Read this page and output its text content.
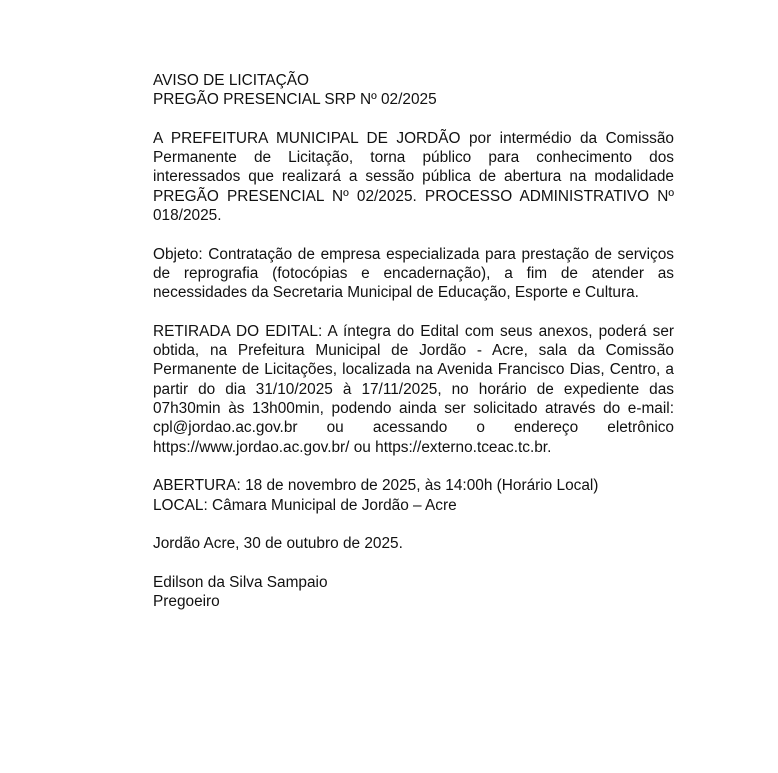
AVISO DE LICITAÇÃO
PREGÃO PRESENCIAL SRP Nº 02/2025

A PREFEITURA MUNICIPAL DE JORDÃO por intermédio da Comissão Permanente de Licitação, torna público para conhecimento dos interessados que realizará a sessão pública de abertura na modalidade PREGÃO PRESENCIAL Nº 02/2025. PROCESSO ADMINISTRATIVO Nº 018/2025.

Objeto: Contratação de empresa especializada para prestação de serviços de reprografia (fotocópias e encadernação), a fim de atender as necessidades da Secretaria Municipal de Educação, Esporte e Cultura.

RETIRADA DO EDITAL: A íntegra do Edital com seus anexos, poderá ser obtida, na Prefeitura Municipal de Jordão - Acre, sala da Comissão Permanente de Licitações, localizada na Avenida Francisco Dias, Centro, a partir do dia 31/10/2025 à 17/11/2025, no horário de expediente das 07h30min às 13h00min, podendo ainda ser solicitado através do e-mail: cpl@jordao.ac.gov.br ou acessando o endereço eletrônico https://www.jordao.ac.gov.br/ ou https://externo.tceac.tc.br.

ABERTURA: 18 de novembro de 2025, às 14:00h (Horário Local)
LOCAL: Câmara Municipal de Jordão – Acre
Jordão Acre, 30 de outubro de 2025.
Edilson da Silva Sampaio
Pregoeiro
